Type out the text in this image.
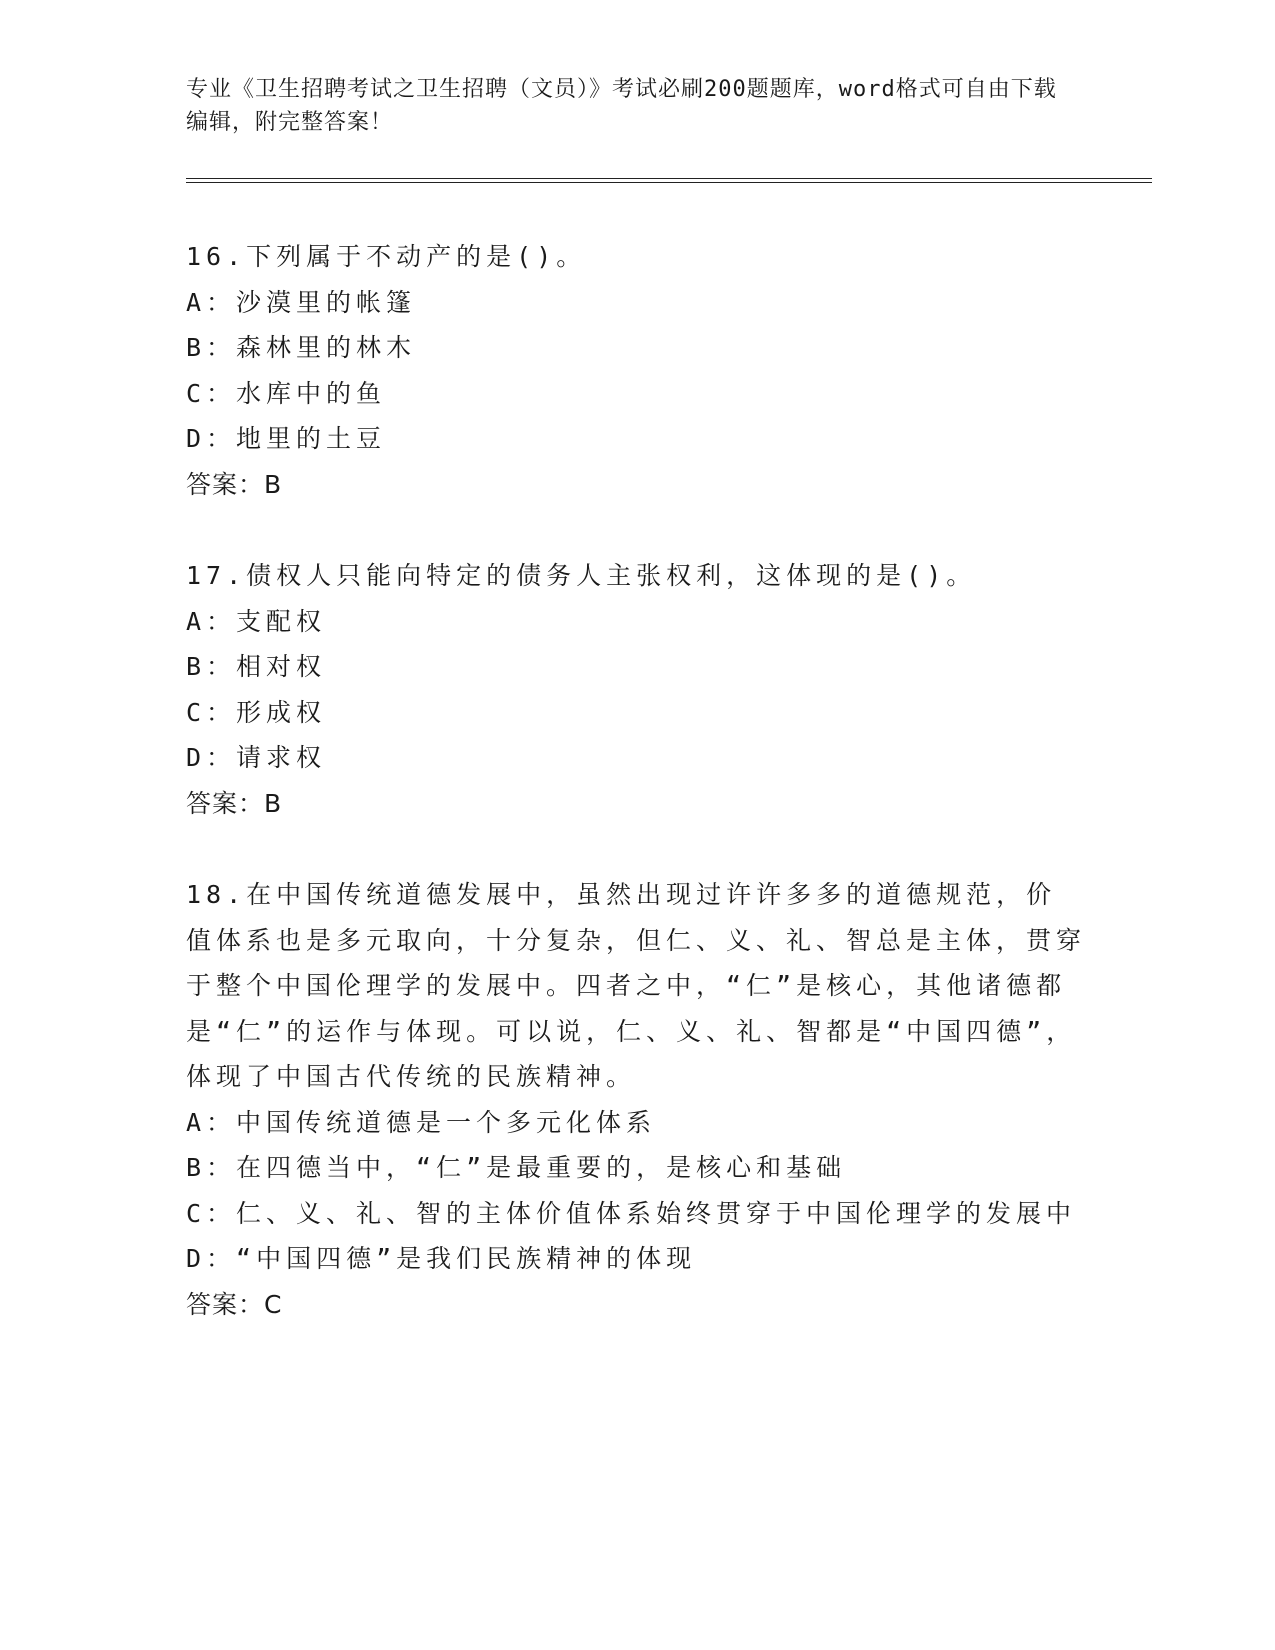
专业《卫生招聘考试之卫生招聘（文员）》考试必刷200题题库，word格式可自由下载编辑，附完整答案！
16.下列属于不动产的是()。
A：沙漠里的帐篷
B：森林里的林木
C：水库中的鱼
D：地里的土豆
答案：B
17.债权人只能向特定的债务人主张权利，这体现的是()。
A：支配权
B：相对权
C：形成权
D：请求权
答案：B
18.在中国传统道德发展中，虽然出现过许许多多的道德规范，价值体系也是多元取向，十分复杂，但仁、义、礼、智总是主体，贯穿于整个中国伦理学的发展中。四者之中，“仁”是核心，其他诸德都是“仁”的运作与体现。可以说，仁、义、礼、智都是“中国四德”，体现了中国古代传统的民族精神。
A：中国传统道德是一个多元化体系
B：在四德当中，“仁”是最重要的，是核心和基础
C：仁、义、礼、智的主体价值体系始终贯穿于中国伦理学的发展中
D：“中国四德”是我们民族精神的体现
答案：C
